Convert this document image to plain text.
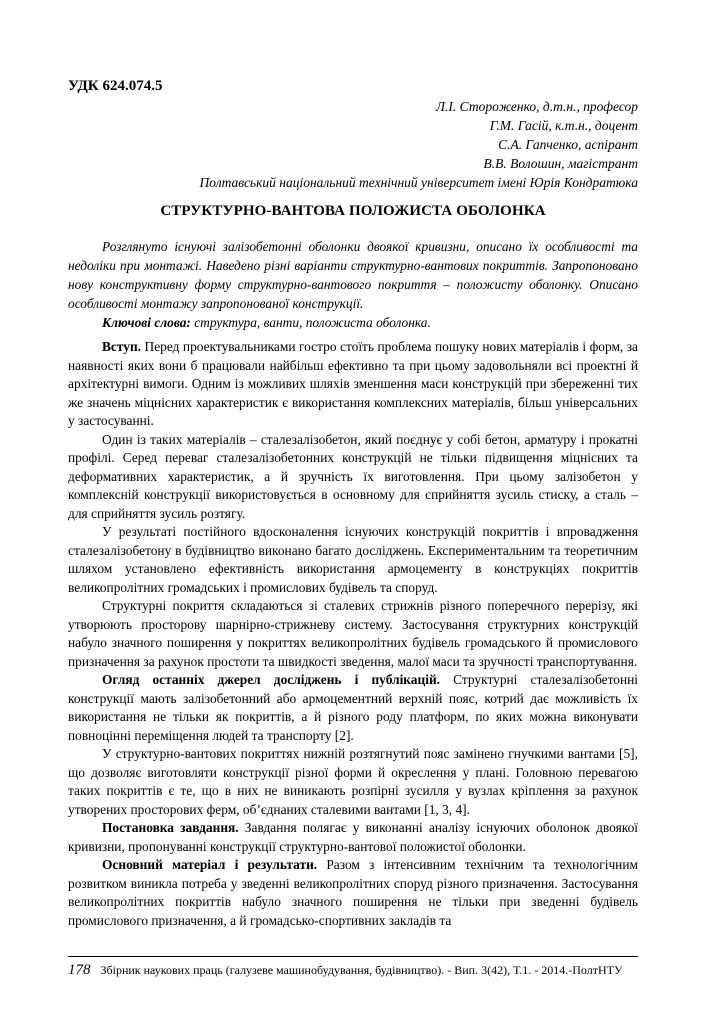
УДК 624.074.5
Л.І. Стороженко, д.т.н., професор
Г.М. Гасій, к.т.н., доцент
С.А. Гапченко, аспірант
В.В. Волошин, магістрант
Полтавський національний технічний університет імені Юрія Кондратюка
СТРУКТУРНО-ВАНТОВА ПОЛОЖИСТА ОБОЛОНКА

Розглянуто існуючі залізобетонні оболонки двоякої кривизни, описано їх особливості та недоліки при монтажі. Наведено різні варіанти структурно-вантових покриттів. Запропоновано нову конструктивну форму структурно-вантового покриття – положисту оболонку. Описано особливості монтажу запропонованої конструкції.

Ключові слова: структура, ванти, положиста оболонка.

Вступ. Перед проектувальниками гостро стоїть проблема пошуку нових матеріалів і форм, за наявності яких вони б працювали найбільш ефективно та при цьому задовольняли всі проектні й архітектурні вимоги. Одним із можливих шляхів зменшення маси конструкцій при збереженні тих же значень міцнісних характеристик є використання комплексних матеріалів, більш універсальних у застосуванні.

Один із таких матеріалів – сталезалізобетон, який поєднує у собі бетон, арматуру і прокатні профілі. Серед переваг сталезалізобетонних конструкцій не тільки підвищення міцнісних та деформативних характеристик, а й зручність їх виготовлення. При цьому залізобетон у комплексній конструкції використовується в основному для сприйняття зусиль стиску, а сталь – для сприйняття зусиль розтягу.

У результаті постійного вдосконалення існуючих конструкцій покриттів і впровадження сталезалізобетону в будівництво виконано багато досліджень. Експериментальним та теоретичним шляхом установлено ефективність використання армоцементу в конструкціях покриттів великопролітних громадських і промислових будівель та споруд.

Структурні покриття складаються зі сталевих стрижнів різного поперечного перерізу, які утворюють просторову шарнірно-стрижневу систему. Застосування структурних конструкцій набуло значного поширення у покриттях великопролітних будівель громадського й промислового призначення за рахунок простоти та швидкості зведення, малої маси та зручності транспортування.

Огляд останніх джерел досліджень і публікацій. Структурні сталезалізобетонні конструкції мають залізобетонний або армоцементний верхній пояс, котрий дає можливість їх використання не тільки як покриттів, а й різного роду платформ, по яких можна виконувати повноцінні переміщення людей та транспорту [2].

У структурно-вантових покриттях нижній розтягнутий пояс замінено гнучкими вантами [5], що дозволяє виготовляти конструкції різної форми й окреслення у плані. Головною перевагою таких покриттів є те, що в них не виникають розпірні зусилля у вузлах кріплення за рахунок утворених просторових ферм, об’єднаних сталевими вантами [1, 3, 4].

Постановка завдання. Завдання полягає у виконанні аналізу існуючих оболонок двоякої кривизни, пропонуванні конструкції структурно-вантової положистої оболонки.

Основний матеріал і результати. Разом з інтенсивним технічним та технологічним розвитком виникла потреба у зведенні великопролітних споруд різного призначення. Застосування великопролітних покриттів набуло значного поширення не тільки при зведенні будівель промислового призначення, а й громадсько-спортивних закладів та

178 Збірник наукових праць (галузеве машинобудування, будівництво). - Вип. 3(42), Т.1. - 2014.-ПолтНТУ
